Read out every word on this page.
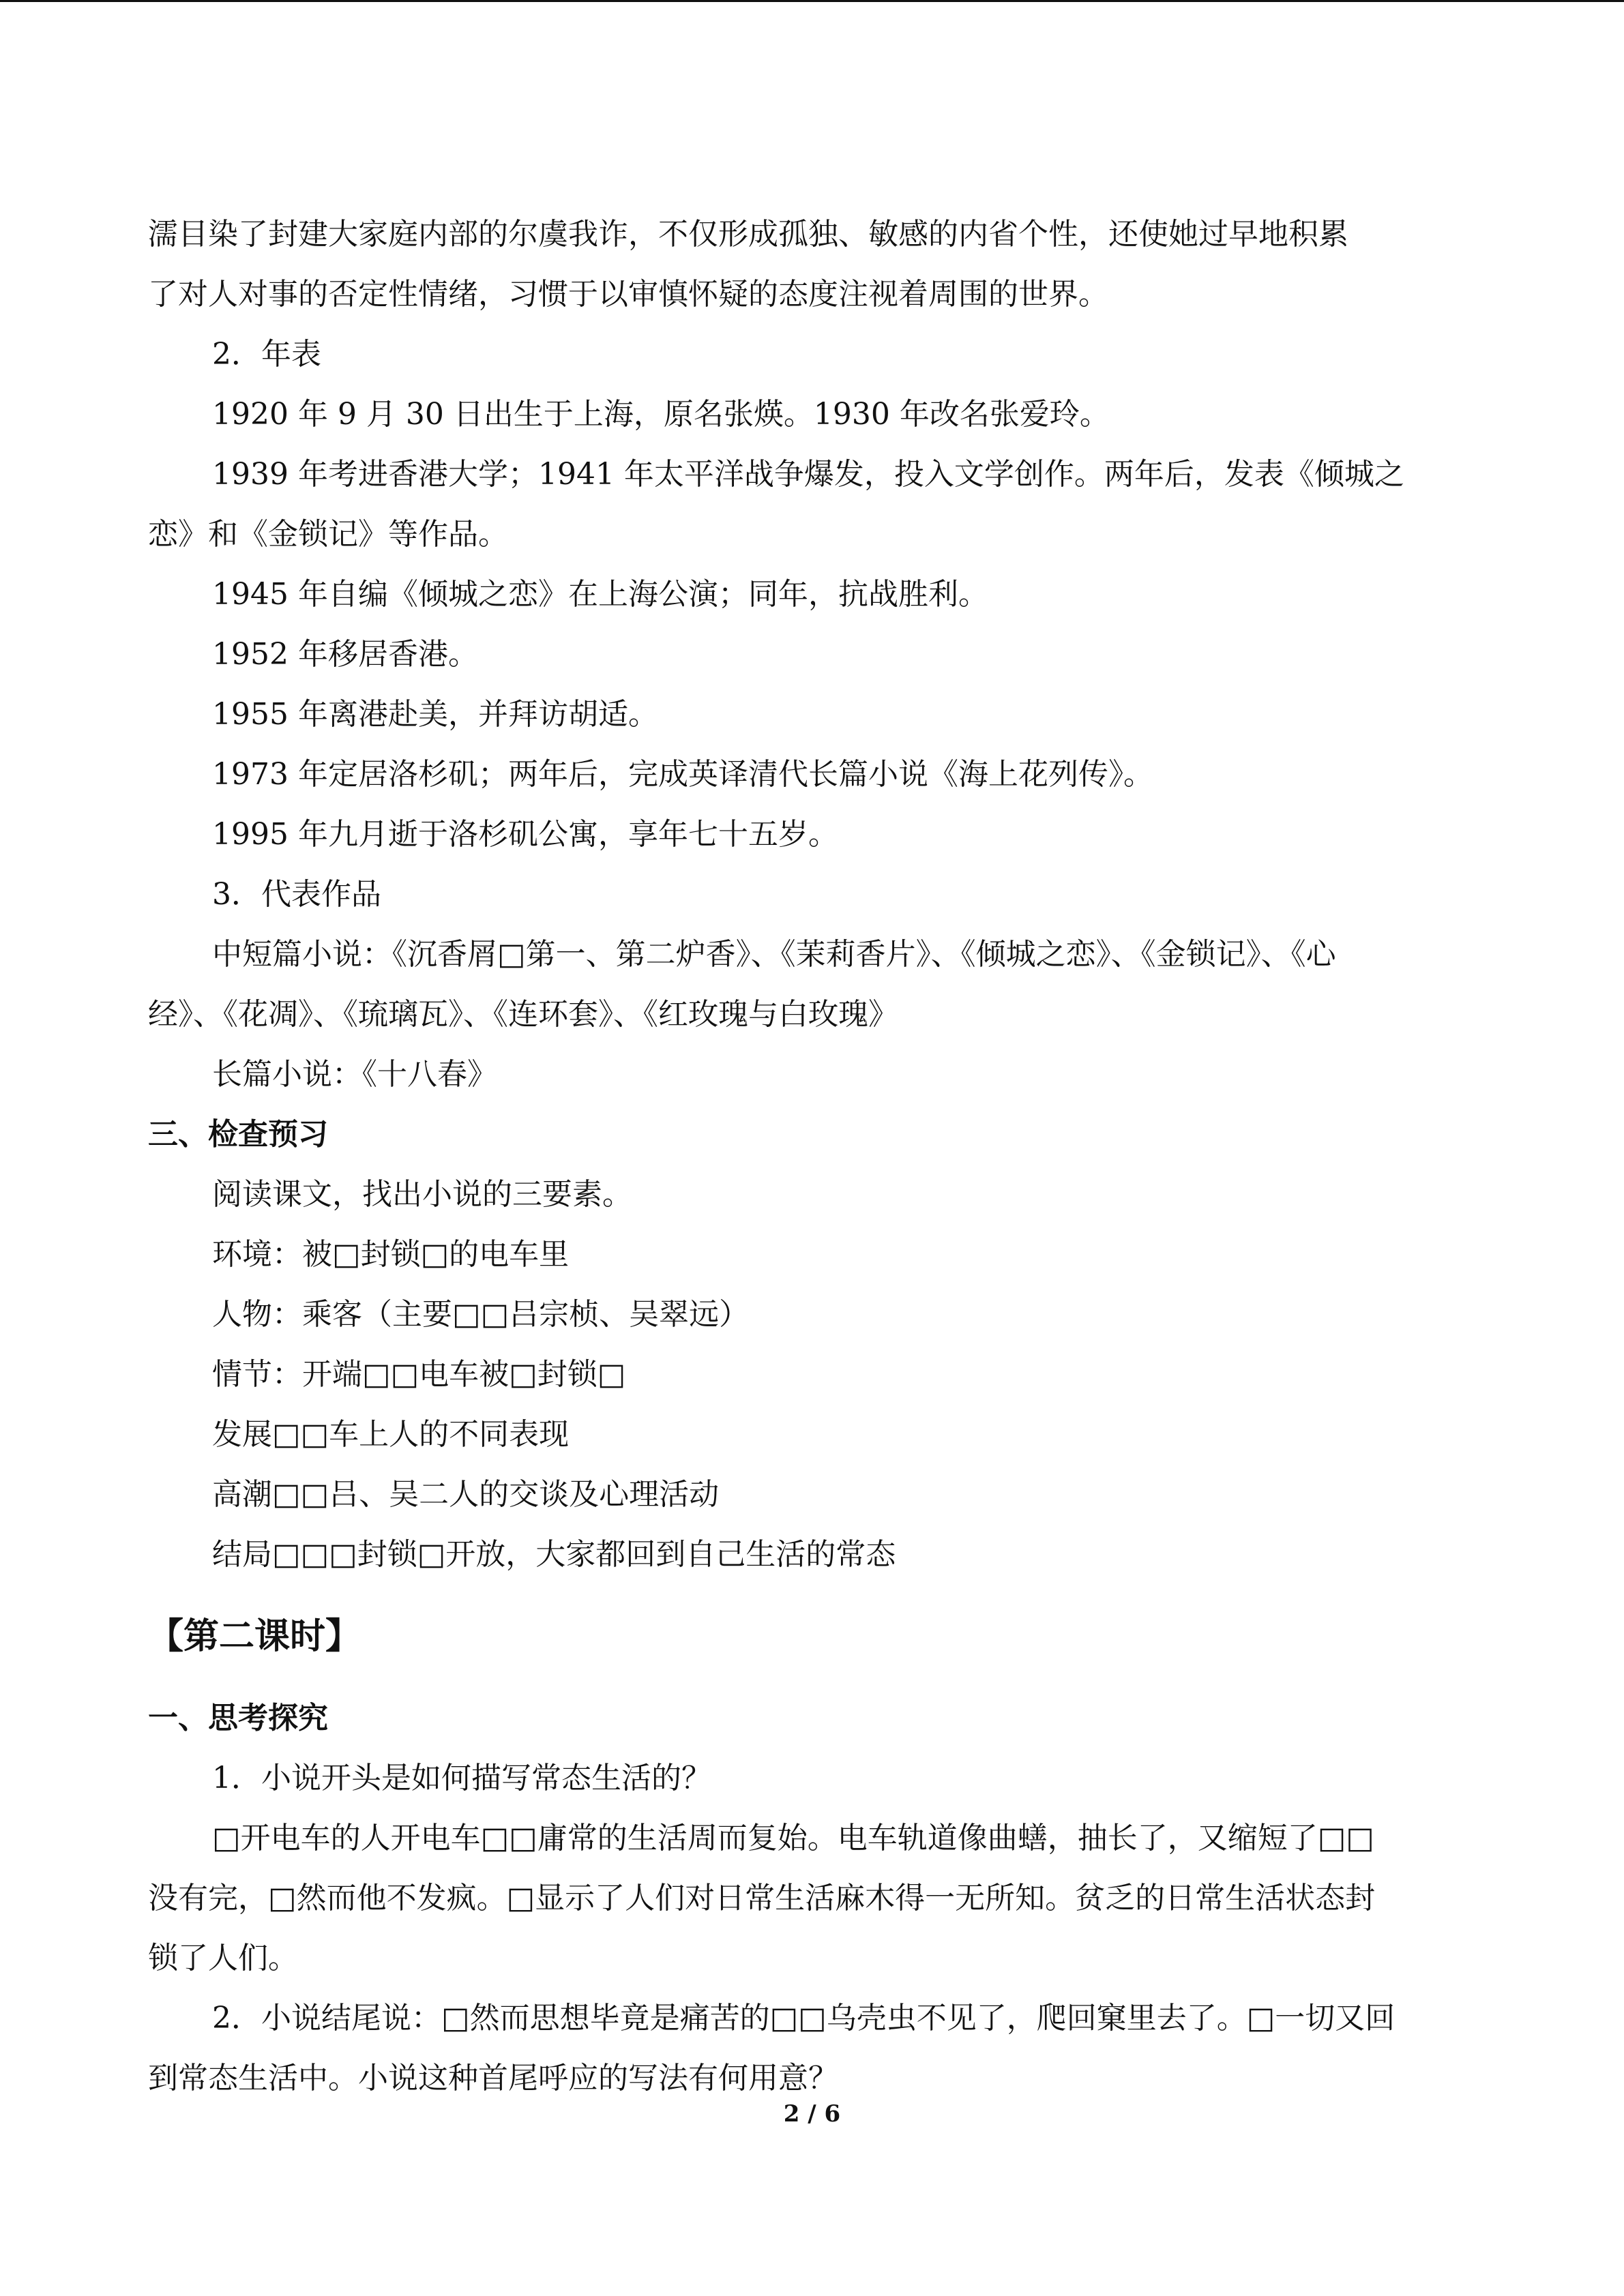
濡目染了封建大家庭内部的尔虞我诈，不仅形成孤独、敏感的内省个性，还使她过早地积累

了对人对事的否定性情绪，习惯于以审慎怀疑的态度注视着周围的世界。

2．年表

1920 年 9 月 30 日出生于上海，原名张煐。1930 年改名张爱玲。

1939 年考进香港大学；1941 年太平洋战争爆发，投入文学创作。两年后，发表《倾城之

恋》和《金锁记》等作品。

1945 年自编《倾城之恋》在上海公演；同年，抗战胜利。

1952 年移居香港。

1955 年离港赴美，并拜访胡适。

1973 年定居洛杉矶；两年后，完成英译清代长篇小说《海上花列传》。

1995 年九月逝于洛杉矶公寓，享年七十五岁。

3．代表作品

中短篇小说：《沉香屑□第一、第二炉香》、《茉莉香片》、《倾城之恋》、《金锁记》、《心

经》、《花凋》、《琉璃瓦》、《连环套》、《红玫瑰与白玫瑰》

长篇小说：《十八春》

三、检查预习

阅读课文，找出小说的三要素。

环境：被□封锁□的电车里

人物：乘客（主要□□吕宗桢、吴翠远）

情节：开端□□电车被□封锁□

发展□□车上人的不同表现

高潮□□吕、吴二人的交谈及心理活动

结局□□□封锁□开放，大家都回到自己生活的常态

【第二课时】

一、思考探究

1．小说开头是如何描写常态生活的？

□开电车的人开电车□□庸常的生活周而复始。电车轨道像曲蟮，抽长了，又缩短了□□

没有完，□然而他不发疯。□显示了人们对日常生活麻木得一无所知。贫乏的日常生活状态封

锁了人们。

2．小说结尾说：□然而思想毕竟是痛苦的□□乌壳虫不见了，爬回窠里去了。□一切又回

到常态生活中。小说这种首尾呼应的写法有何用意？

2 / 6
